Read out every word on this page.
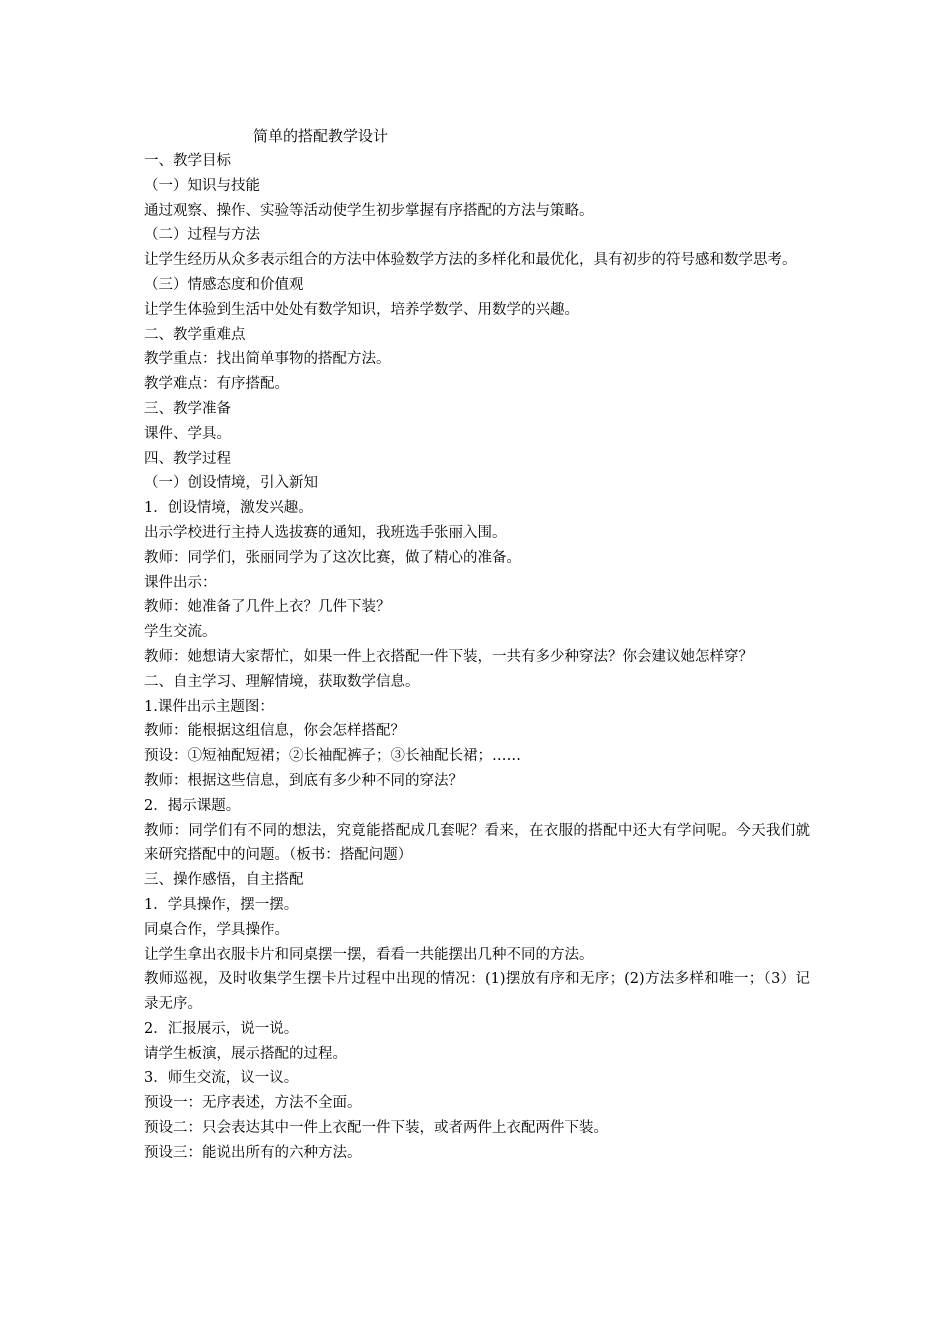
简单的搭配教学设计

一、教学目标

（一）知识与技能

通过观察、操作、实验等活动使学生初步掌握有序搭配的方法与策略。

（二）过程与方法

让学生经历从众多表示组合的方法中体验数学方法的多样化和最优化，具有初步的符号感和数学思考。

（三）情感态度和价值观

让学生体验到生活中处处有数学知识，培养学数学、用数学的兴趣。

二、教学重难点

教学重点：找出简单事物的搭配方法。

教学难点：有序搭配。

三、教学准备

课件、学具。

四、教学过程

（一）创设情境，引入新知

1．创设情境，激发兴趣。

出示学校进行主持人选拔赛的通知，我班选手张丽入围。

教师：同学们，张丽同学为了这次比赛，做了精心的准备。

课件出示：

教师：她准备了几件上衣？几件下装？

学生交流。

教师：她想请大家帮忙，如果一件上衣搭配一件下装，一共有多少种穿法？你会建议她怎样穿？

二、自主学习、理解情境，获取数学信息。

1.课件出示主题图：

教师：能根据这组信息，你会怎样搭配？

预设：①短袖配短裙；②长袖配裤子；③长袖配长裙；……

教师：根据这些信息，到底有多少种不同的穿法？

2．揭示课题。

教师：同学们有不同的想法，究竟能搭配成几套呢？看来，在衣服的搭配中还大有学问呢。今天我们就来研究搭配中的问题。（板书：搭配问题）

三、操作感悟，自主搭配

1．学具操作，摆一摆。

同桌合作，学具操作。

让学生拿出衣服卡片和同桌摆一摆，看看一共能摆出几种不同的方法。

教师巡视，及时收集学生摆卡片过程中出现的情况：(1)摆放有序和无序；(2)方法多样和唯一；（3）记录无序。

2．汇报展示，说一说。

请学生板演，展示搭配的过程。

3．师生交流，议一议。

预设一：无序表述，方法不全面。

预设二：只会表达其中一件上衣配一件下装，或者两件上衣配两件下装。

预设三：能说出所有的六种方法。
